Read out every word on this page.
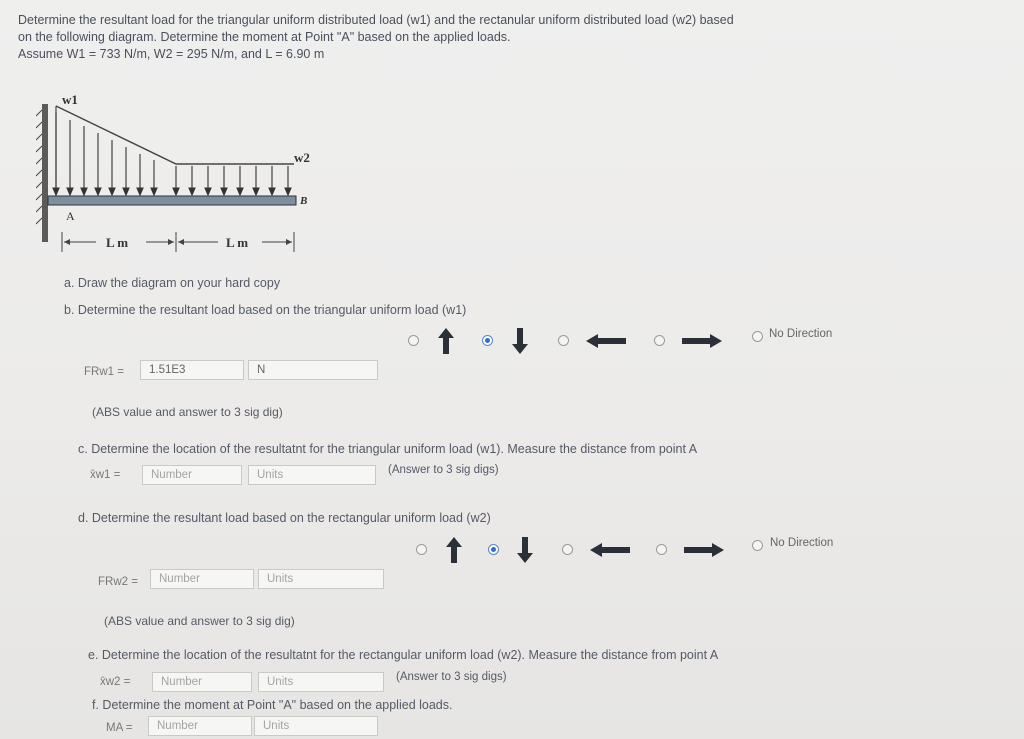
Determine the resultant load for the triangular uniform distributed load (w1) and the rectanular uniform distributed load (w2) based
on the following diagram. Determine the moment at Point "A" based on the applied loads.
Assume W1 = 733 N/m, W2 = 295 N/m, and L = 6.90 m
w1
w2
A
B
L m	L m
a. Draw the diagram on your hard copy
b. Determine the resultant load based on the triangular uniform load (w1)
No Direction
FRw1 =	1.51E3	N
(ABS value and answer to 3 sig dig)
c. Determine the location of the resultatnt for the triangular uniform load (w1). Measure the distance from point A
x̄w1 =	Number	Units	(Answer to 3 sig digs)
d. Determine the resultant load based on the rectangular uniform load (w2)
No Direction
FRw2 =	Number	Units
(ABS value and answer to 3 sig dig)
e. Determine the location of the resultatnt for the rectangular uniform load (w2). Measure the distance from point A
x̄w2 =	Number	Units	(Answer to 3 sig digs)
f. Determine the moment at Point "A" based on the applied loads.
MA =	Number	Units
